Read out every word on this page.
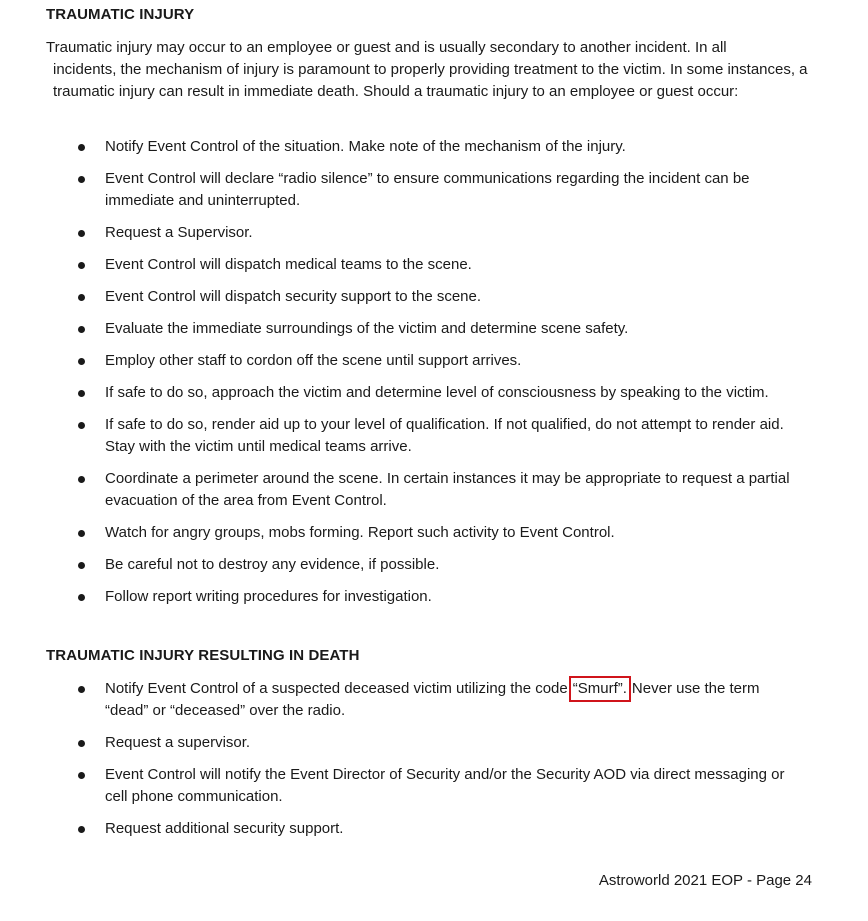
TRAUMATIC INJURY
Traumatic injury may occur to an employee or guest and is usually secondary to another incident. In all
incidents, the mechanism of injury is paramount to properly providing treatment to the victim. In some instances, a traumatic injury can result in immediate death. Should a traumatic injury to an employee or guest occur:
Notify Event Control of the situation. Make note of the mechanism of the injury.
Event Control will declare “radio silence” to ensure communications regarding the incident can be immediate and uninterrupted.
Request a Supervisor.
Event Control will dispatch medical teams to the scene.
Event Control will dispatch security support to the scene.
Evaluate the immediate surroundings of the victim and determine scene safety.
Employ other staff to cordon off the scene until support arrives.
If safe to do so, approach the victim and determine level of consciousness by speaking to the victim.
If safe to do so, render aid up to your level of qualification. If not qualified, do not attempt to render aid. Stay with the victim until medical teams arrive.
Coordinate a perimeter around the scene. In certain instances it may be appropriate to request a partial evacuation of the area from Event Control.
Watch for angry groups, mobs forming. Report such activity to Event Control.
Be careful not to destroy any evidence, if possible.
Follow report writing procedures for investigation.
TRAUMATIC INJURY RESULTING IN DEATH
Notify Event Control of a suspected deceased victim utilizing the code “Smurf”. Never use the term “dead” or “deceased” over the radio.
Request a supervisor.
Event Control will notify the Event Director of Security and/or the Security AOD via direct messaging or cell phone communication.
Request additional security support.
Astroworld 2021 EOP - Page 24
